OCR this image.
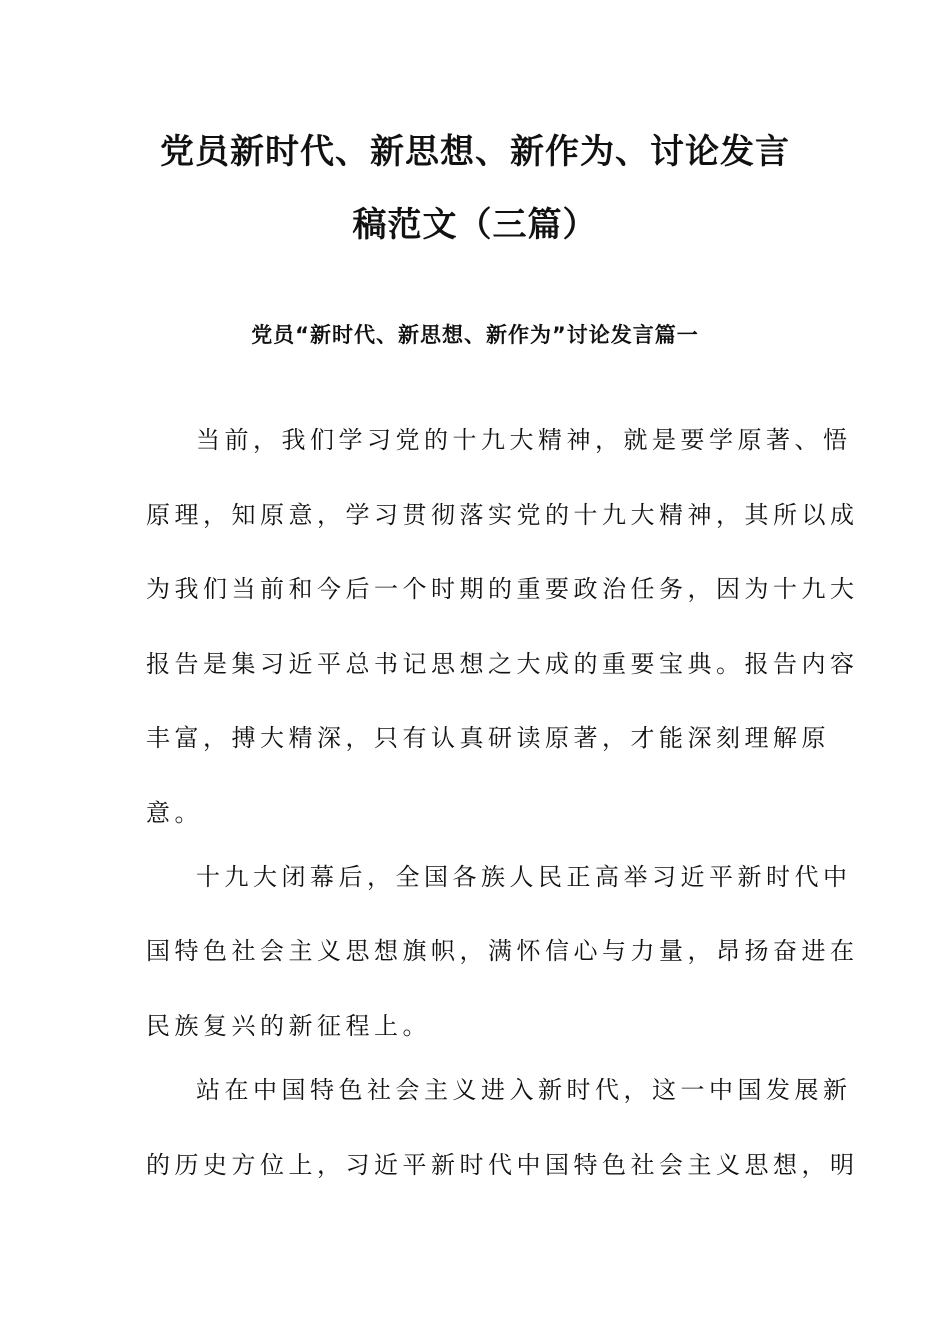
党员新时代、新思想、新作为、讨论发言
稿范文（三篇）
党员“新时代、新思想、新作为”讨论发言篇一

当前，我们学习党的十九大精神，就是要学原著、悟

原理，知原意，学习贯彻落实党的十九大精神，其所以成

为我们当前和今后一个时期的重要政治任务，因为十九大

报告是集习近平总书记思想之大成的重要宝典。报告内容

丰富，搏大精深，只有认真研读原著，才能深刻理解原

意。

十九大闭幕后，全国各族人民正高举习近平新时代中

国特色社会主义思想旗帜，满怀信心与力量，昂扬奋进在

民族复兴的新征程上。

站在中国特色社会主义进入新时代，这一中国发展新

的历史方位上，习近平新时代中国特色社会主义思想，明
